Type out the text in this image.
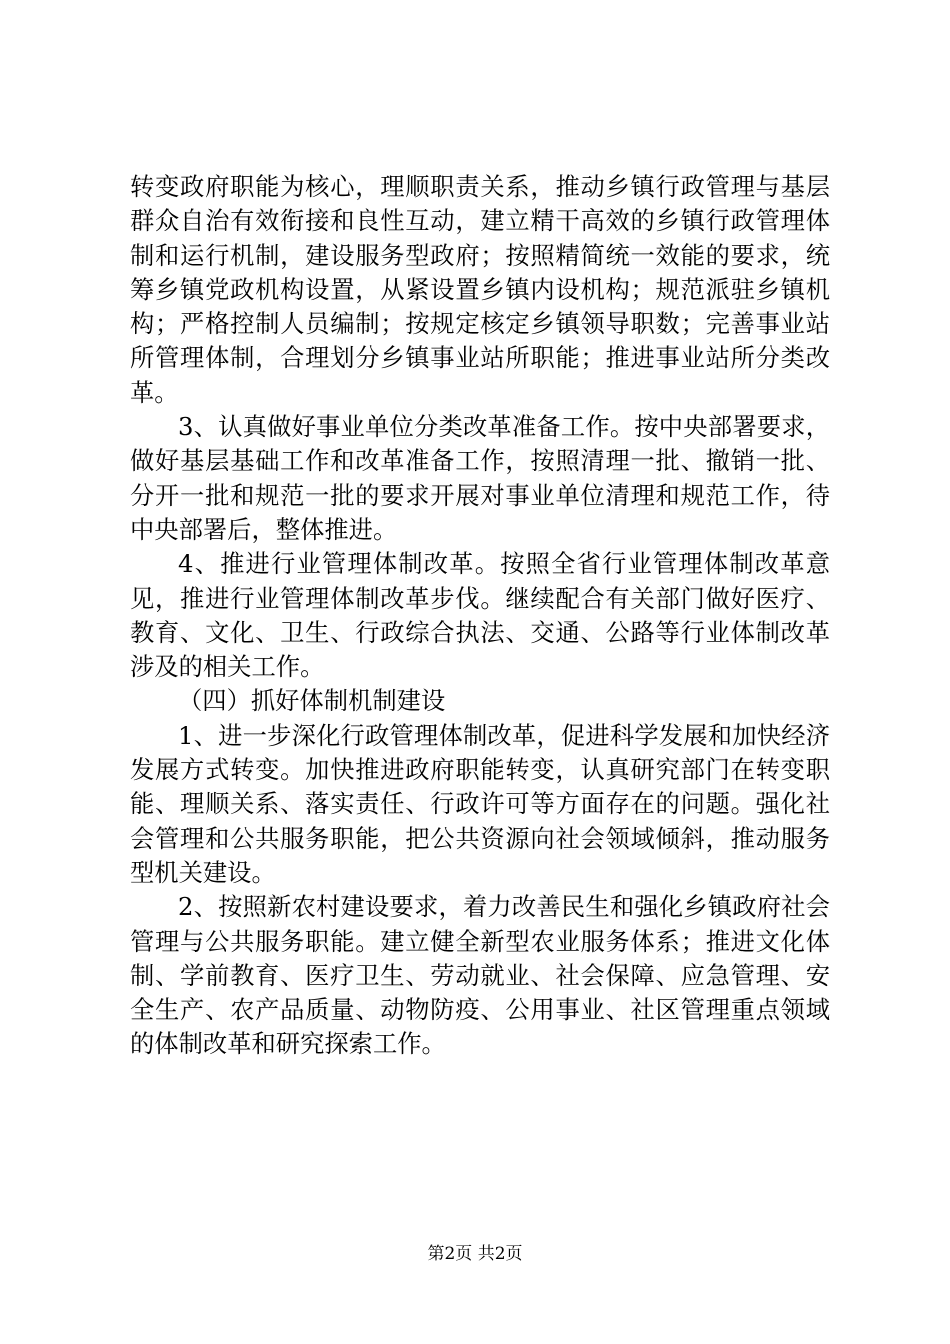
转变政府职能为核心，理顺职责关系，推动乡镇行政管理与基层群众自治有效衔接和良性互动，建立精干高效的乡镇行政管理体制和运行机制，建设服务型政府；按照精简统一效能的要求，统筹乡镇党政机构设置，从紧设置乡镇内设机构；规范派驻乡镇机构；严格控制人员编制；按规定核定乡镇领导职数；完善事业站所管理体制，合理划分乡镇事业站所职能；推进事业站所分类改革。

3、认真做好事业单位分类改革准备工作。按中央部署要求，做好基层基础工作和改革准备工作，按照清理一批、撤销一批、分开一批和规范一批的要求开展对事业单位清理和规范工作，待中央部署后，整体推进。

4、推进行业管理体制改革。按照全省行业管理体制改革意见，推进行业管理体制改革步伐。继续配合有关部门做好医疗、教育、文化、卫生、行政综合执法、交通、公路等行业体制改革涉及的相关工作。

（四）抓好体制机制建设

1、进一步深化行政管理体制改革，促进科学发展和加快经济发展方式转变。加快推进政府职能转变，认真研究部门在转变职能、理顺关系、落实责任、行政许可等方面存在的问题。强化社会管理和公共服务职能，把公共资源向社会领域倾斜，推动服务型机关建设。

2、按照新农村建设要求，着力改善民生和强化乡镇政府社会管理与公共服务职能。建立健全新型农业服务体系；推进文化体制、学前教育、医疗卫生、劳动就业、社会保障、应急管理、安全生产、农产品质量、动物防疫、公用事业、社区管理重点领域的体制改革和研究探索工作。

第2页 共2页
